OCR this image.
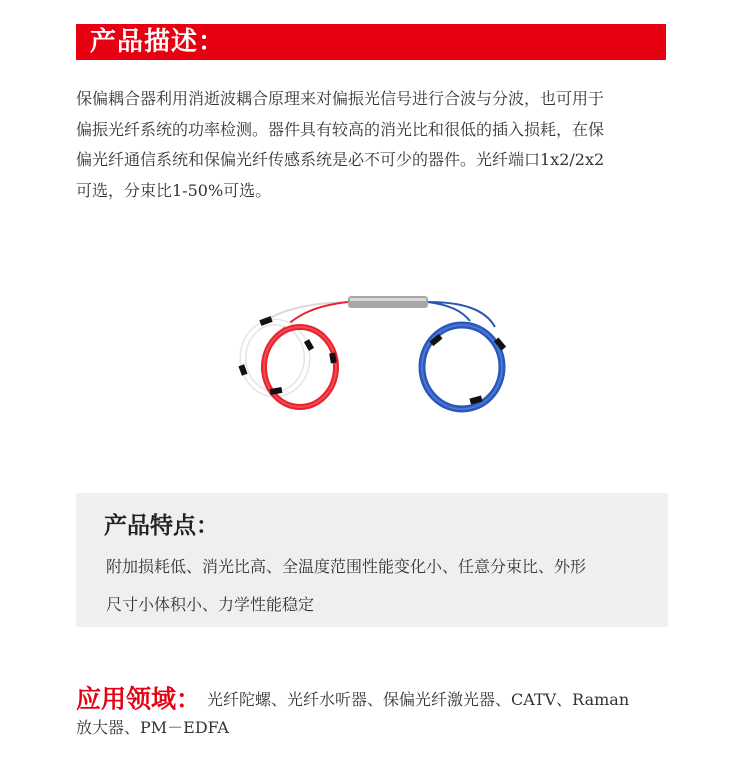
产品描述：

保偏耦合器利用消逝波耦合原理来对偏振光信号进行合波与分波，也可用于

偏振光纤系统的功率检测。器件具有较高的消光比和很低的插入损耗，在保

偏光纤通信系统和保偏光纤传感系统是必不可少的器件。光纤端口1x2/2x2

可选，分束比1-50%可选。

产品特点：

附加损耗低、消光比高、全温度范围性能变化小、任意分束比、外形

尺寸小体积小、力学性能稳定

应用领域： 光纤陀螺、光纤水听器、保偏光纤激光器、CATV、Raman
放大器、PM－EDFA
